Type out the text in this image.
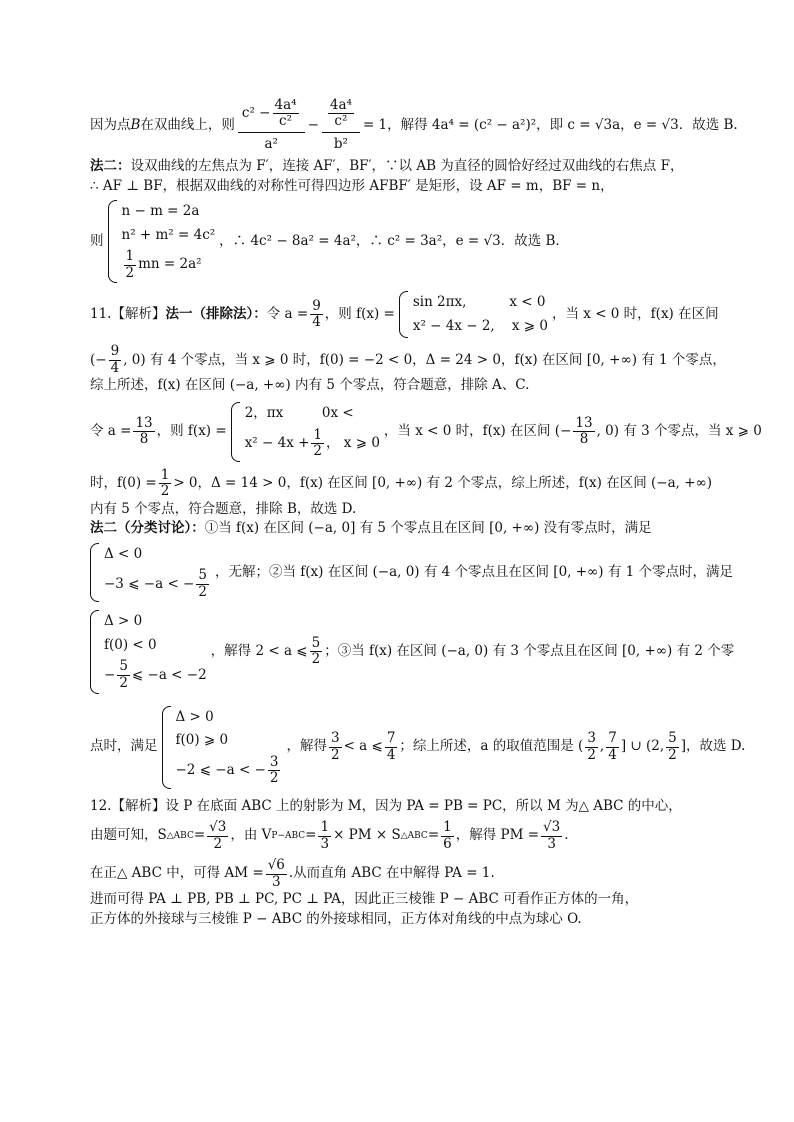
因为点 B 在双曲线上，则 $\frac{c^2 - \frac{\text{4a⁴}}{\text{c²}}}{\text{a²}} - \frac{\frac{\text{4a⁴}}{\text{c²}}}{\text{b²}} = 1$，解得 4a⁴ = (c² − a²)²，即 c = √3a，e = √3．故选 B.
法二： 设双曲线的左焦点为 F′，连接 AF′，BF′，∵以 AB 为直径的圆恰好经过双曲线的右焦点 F，
∴ AF ⊥ BF，根据双曲线的对称性可得四边形 AFBF′ 是矩形，设 AF = m，BF = n，
则
n − m = 2a
n² + m² = 4c²
$\frac{1}{2}$ mn = 2a²
，∴ 4c² − 8a² = 4a²，∴ c² = 3a²，e = √3．故选 B．
11.【解析】 法一（排除法）： 令 $a = \frac{9}{4}$ ，则 f(x) =
sin 2πx,          x < 0
x² − 4x − 2,    x ⩾ 0
，当 x < 0 时，f(x) 在区间
(− $\frac{9}{4}$ , 0) 有 4 个零点，当 x ⩾ 0 时，f(0) = −2 < 0，Δ = 24 > 0，f(x) 在区间 [0, +∞) 有 1 个零点，
综上所述，f(x) 在区间 (−a, +∞) 内有 5 个零点，符合题意，排除 A、C.
令 $a = \frac{13}{8}$ ，则 f(x) =
2，πx         0x <
$x^2 - 4x + \frac{1}{2}$ ， x ⩾ 0
，当 x < 0 时，f(x) 在区间 (− $\frac{13}{8}$ , 0) 有 3 个零点，当 x ⩾ 0
时，$f(0) = \frac{1}{2} > 0$，Δ = 14 > 0，f(x) 在区间 [0, +∞) 有 2 个零点，综上所述，f(x) 在区间 (−a, +∞)
内有 5 个零点，符合题意，排除 B，故选 D.
法二（分类讨论）： ①当 f(x) 在区间 (−a, 0] 有 5 个零点且在区间 [0, +∞) 没有零点时，满足
Δ < 0
−3 ⩽ −a < − $\frac{5}{2}$ ，无解；②当 f(x) 在区间 (−a, 0) 有 4 个零点且在区间 [0, +∞) 有 1 个零点时，满足
Δ > 0
f(0) < 0
− $\frac{5}{2}$ ⩽ −a < −2
，解得 2 < a ⩽ $\frac{5}{2}$ ；③当 f(x) 在区间 (−a, 0) 有 3 个零点且在区间 [0, +∞) 有 2 个零
点时，满足
Δ > 0
f(0) ⩾ 0
−2 ⩽ −a < − $\frac{3}{2}$
，解得 $\frac{3}{2} < a$ ⩽ $\frac{7}{4}$ ；综上所述，a 的取值范围是 ( $\frac{3}{2}$ , $\frac{7}{4}$ ] ∪ (2, $\frac{5}{2}$ ]，故选 D.
12.【解析】 设 P 在底面 ABC 上的射影为 M，因为 PA = PB = PC，所以 M 为△ ABC 的中心，
由题可知，S △ABC = $\frac{√3}{2}$ ，由 V $P-ABC = \frac{1}{3}$ × PM × S △ABC = $\frac{1}{6}$ ，解得 PM = $\frac{√3}{3}$ .
在正△ ABC 中，可得 AM = $\frac{√6}{3}$ .从而直角 ABC 在中解得 PA = 1.
进而可得 PA ⊥ PB, PB ⊥ PC, PC ⊥ PA，因此正三棱锥 P − ABC 可看作正方体的一角，
正方体的外接球与三棱锥 P − ABC 的外接球相同，正方体对角线的中点为球心 O.
